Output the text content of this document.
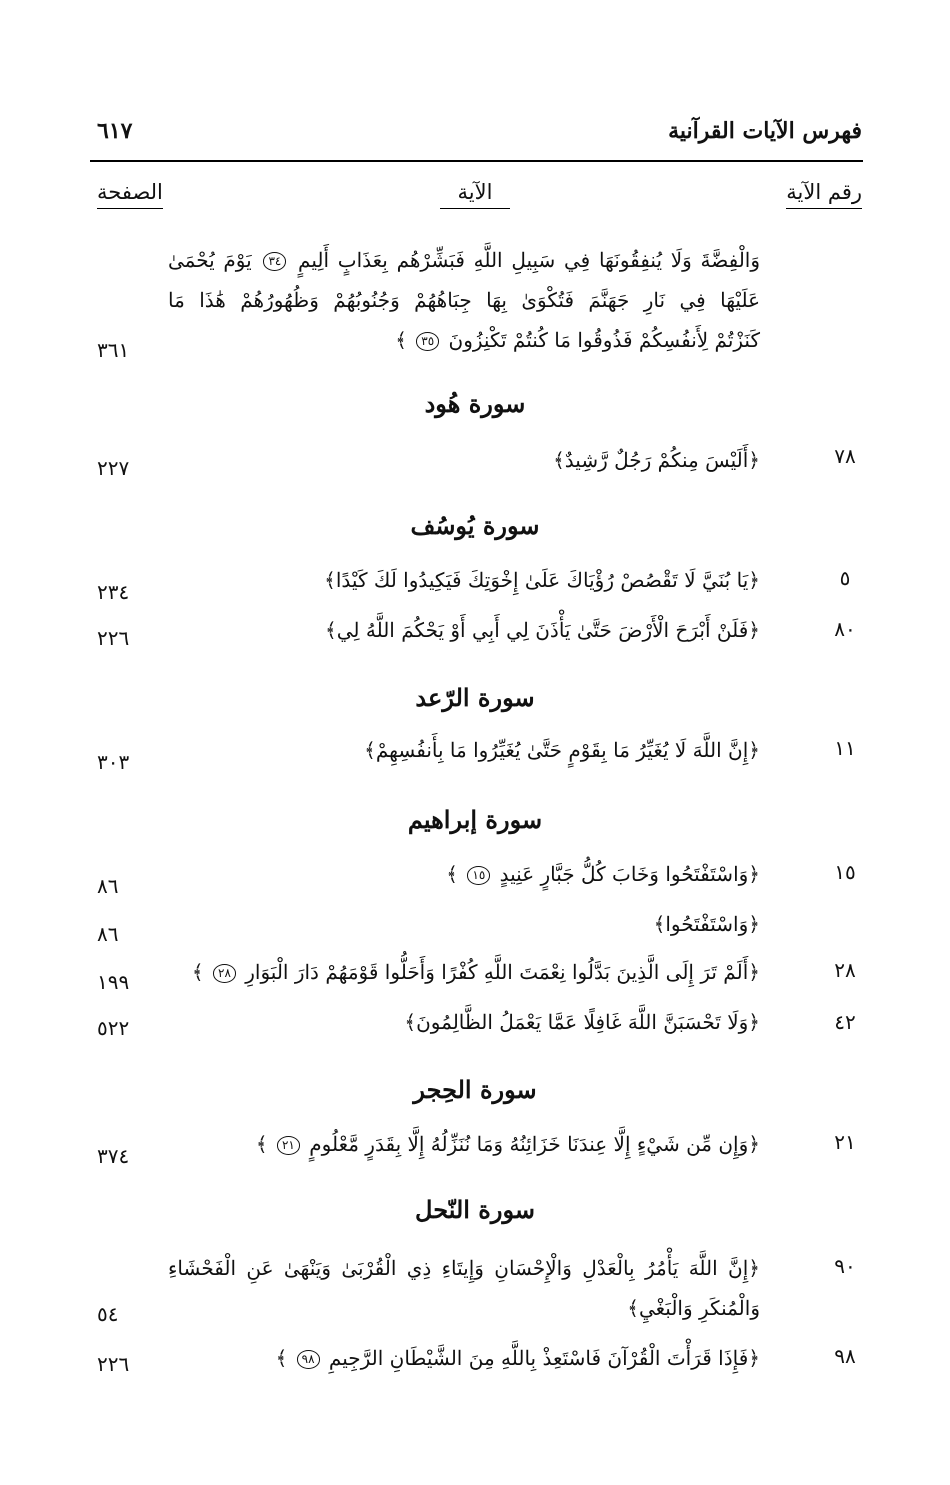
فهرس الآيات القرآنية
٦١٧
رقم الآية
الآية
الصفحة
وَالْفِضَّةَ وَلَا يُنفِقُونَهَا فِي سَبِيلِ اللَّهِ فَبَشِّرْهُم بِعَذَابٍ أَلِيمٍ ٣٤ يَوْمَ يُحْمَىٰ
عَلَيْهَا فِي نَارِ جَهَنَّمَ فَتُكْوَىٰ بِهَا جِبَاهُهُمْ وَجُنُوبُهُمْ وَظُهُورُهُمْ هَٰذَا مَا
كَنَزْتُمْ لِأَنفُسِكُمْ فَذُوقُوا مَا كُنتُمْ تَكْنِزُونَ ٣٥ ﴾
٣٦١
سورة هُود
٧٨
﴿أَلَيْسَ مِنكُمْ رَجُلٌ رَّشِيدٌ﴾
٢٢٧
سورة يُوسُف
٥
﴿يَا بُنَيَّ لَا تَقْصُصْ رُؤْيَاكَ عَلَىٰ إِخْوَتِكَ فَيَكِيدُوا لَكَ كَيْدًا﴾
٢٣٤
٨٠
﴿فَلَنْ أَبْرَحَ الْأَرْضَ حَتَّىٰ يَأْذَنَ لِي أَبِي أَوْ يَحْكُمَ اللَّهُ لِي﴾
٢٢٦
سورة الرّعد
١١
﴿إِنَّ اللَّهَ لَا يُغَيِّرُ مَا بِقَوْمٍ حَتَّىٰ يُغَيِّرُوا مَا بِأَنفُسِهِمْ﴾
٣٠٣
سورة إبراهيم
١٥
﴿وَاسْتَفْتَحُوا وَخَابَ كُلُّ جَبَّارٍ عَنِيدٍ ١٥ ﴾
٨٦
﴿وَاسْتَفْتَحُوا﴾
٨٦
٢٨
﴿أَلَمْ تَرَ إِلَى الَّذِينَ بَدَّلُوا نِعْمَتَ اللَّهِ كُفْرًا وَأَحَلُّوا قَوْمَهُمْ دَارَ الْبَوَارِ ٢٨ ﴾
١٩٩
٤٢
﴿وَلَا تَحْسَبَنَّ اللَّهَ غَافِلًا عَمَّا يَعْمَلُ الظَّالِمُونَ﴾
٥٢٢
سورة الحِجر
٢١
﴿وَإِن مِّن شَيْءٍ إِلَّا عِندَنَا خَزَائِنُهُ وَمَا نُنَزِّلُهُ إِلَّا بِقَدَرٍ مَّعْلُومٍ ٢١ ﴾
٣٧٤
سورة النّحل
٩٠
﴿إِنَّ اللَّهَ يَأْمُرُ بِالْعَدْلِ وَالْإِحْسَانِ وَإِيتَاءِ ذِي الْقُرْبَىٰ وَيَنْهَىٰ عَنِ الْفَحْشَاءِ
وَالْمُنكَرِ وَالْبَغْيِ﴾
٥٤
٩٨
﴿فَإِذَا قَرَأْتَ الْقُرْآنَ فَاسْتَعِذْ بِاللَّهِ مِنَ الشَّيْطَانِ الرَّجِيمِ ٩٨ ﴾
٢٢٦
